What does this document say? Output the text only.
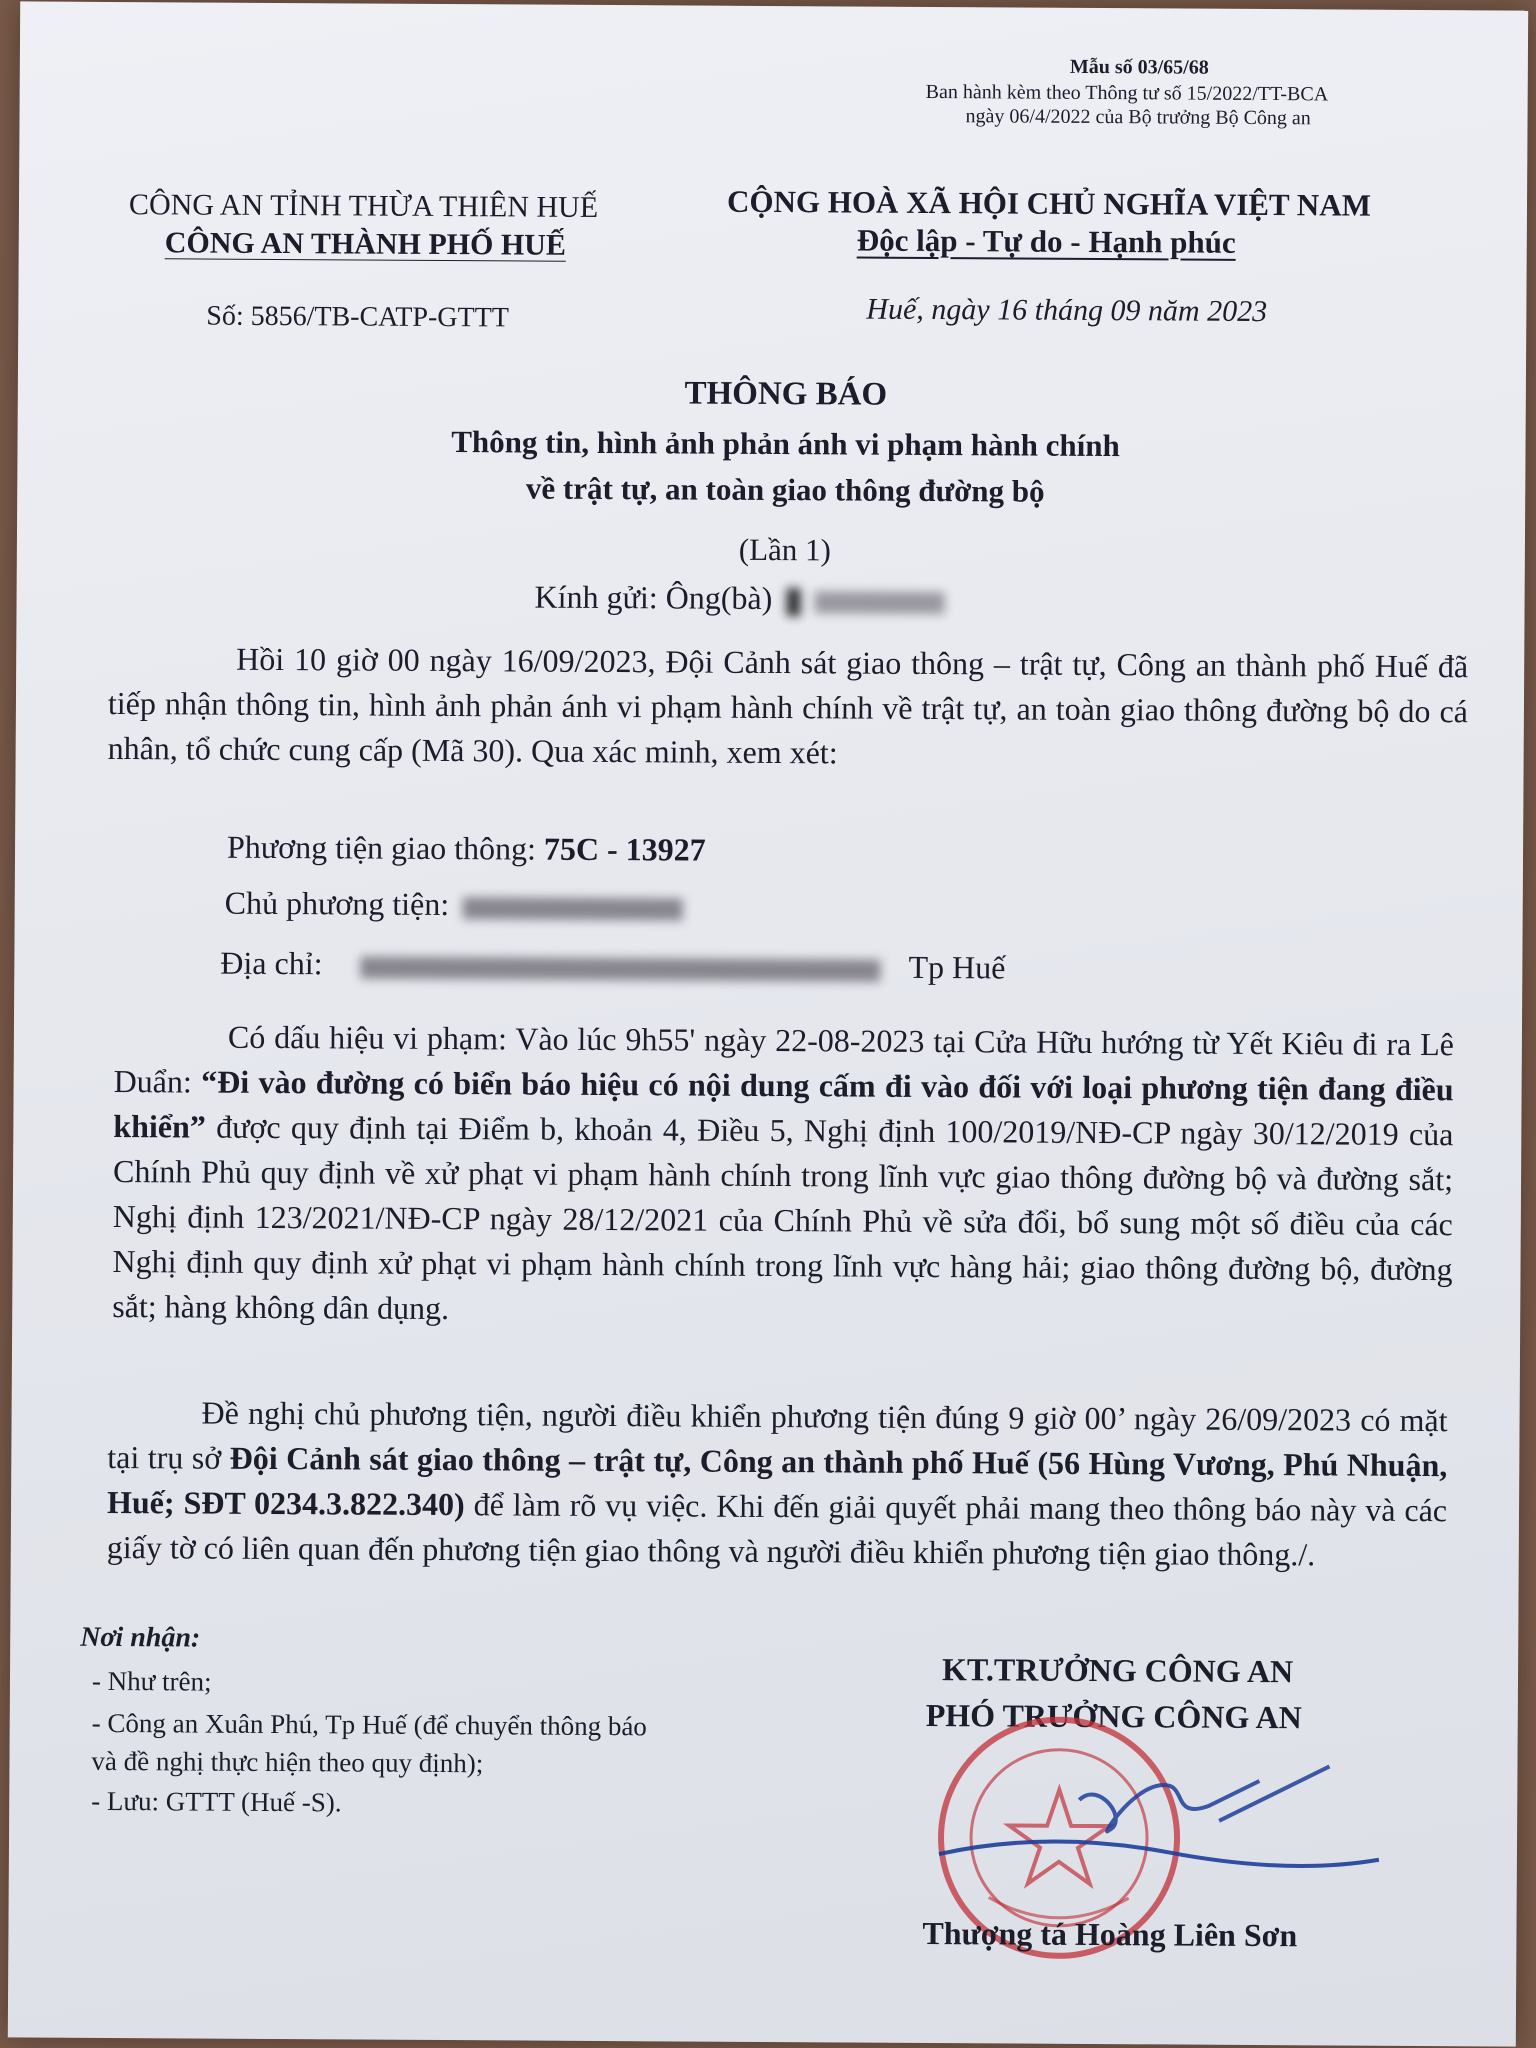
Mẫu số 03/65/68
Ban hành kèm theo Thông tư số 15/2022/TT-BCA
ngày 06/4/2022 của Bộ trưởng Bộ Công an
CÔNG AN TỈNH THỪA THIÊN HUẾ
CÔNG AN THÀNH PHỐ HUẾ
CỘNG HOÀ XÃ HỘI CHỦ NGHĨA VIỆT NAM
Độc lập - Tự do - Hạnh phúc
Số: 5856/TB-CATP-GTTT	Huế, ngày 16 tháng 09 năm 2023
THÔNG BÁO
Thông tin, hình ảnh phản ánh vi phạm hành chính
về trật tự, an toàn giao thông đường bộ
(Lần 1)
Kính gửi: Ông(bà)
Hồi 10 giờ 00 ngày 16/09/2023, Đội Cảnh sát giao thông – trật tự, Công an thành phố Huế đã tiếp nhận thông tin, hình ảnh phản ánh vi phạm hành chính về trật tự, an toàn giao thông đường bộ do cá nhân, tổ chức cung cấp (Mã 30). Qua xác minh, xem xét:
Phương tiện giao thông: 75C - 13927
Chủ phương tiện:
Địa chỉ:	Tp Huế
Có dấu hiệu vi phạm: Vào lúc 9h55' ngày 22-08-2023 tại Cửa Hữu hướng từ Yết Kiêu đi ra Lê Duẩn: “Đi vào đường có biển báo hiệu có nội dung cấm đi vào đối với loại phương tiện đang điều khiển” được quy định tại Điểm b, khoản 4, Điều 5, Nghị định 100/2019/NĐ-CP ngày 30/12/2019 của Chính Phủ quy định về xử phạt vi phạm hành chính trong lĩnh vực giao thông đường bộ và đường sắt; Nghị định 123/2021/NĐ-CP ngày 28/12/2021 của Chính Phủ về sửa đổi, bổ sung một số điều của các Nghị định quy định xử phạt vi phạm hành chính trong lĩnh vực hàng hải; giao thông đường bộ, đường sắt; hàng không dân dụng.
Đề nghị chủ phương tiện, người điều khiển phương tiện đúng 9 giờ 00’ ngày 26/09/2023 có mặt tại trụ sở Đội Cảnh sát giao thông – trật tự, Công an thành phố Huế (56 Hùng Vương, Phú Nhuận, Huế; SĐT 0234.3.822.340) để làm rõ vụ việc. Khi đến giải quyết phải mang theo thông báo này và các giấy tờ có liên quan đến phương tiện giao thông và người điều khiển phương tiện giao thông./.
Nơi nhận:
- Như trên;
- Công an Xuân Phú, Tp Huế (để chuyển thông báo
và đề nghị thực hiện theo quy định);
- Lưu: GTTT (Huế -S).
KT.TRƯỞNG CÔNG AN
PHÓ TRƯỞNG CÔNG AN
Thượng tá Hoàng Liên Sơn
